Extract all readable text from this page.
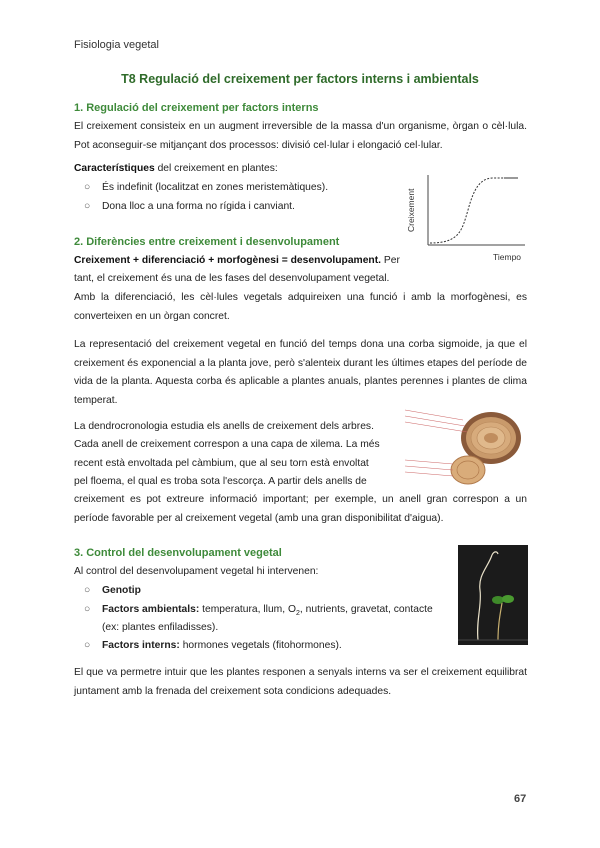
Fisiologia vegetal
T8 Regulació del creixement per factors interns i ambientals
1. Regulació del creixement per factors interns
El creixement consisteix en un augment irreversible de la massa d'un organisme, òrgan o cèl·lula. Pot aconseguir-se mitjançant dos processos: divisió cel·lular i elongació cel·lular.
Característiques del creixement en plantes:
○ És indefinit (localitzat en zones meristemàtiques).
○ Dona lloc a una forma no rígida i canviant.	Creixement
Tiempo
2. Diferències entre creixement i desenvolupament
Creixement + diferenciació + morfogènesi = desenvolupament. Per
tant, el creixement és una de les fases del desenvolupament vegetal.
Amb la diferenciació, les cèl·lules vegetals adquireixen una funció i amb la morfogènesi, es converteixen en un òrgan concret.
La representació del creixement vegetal en funció del temps dona una corba sigmoide, ja que el creixement és exponencial a la planta jove, però s'alenteix durant les últimes etapes del període de vida de la planta. Aquesta corba és aplicable a plantes anuals, plantes perennes i plantes de clima temperat.
La dendrocronologia estudia els anells de creixement dels arbres.
Cada anell de creixement correspon a una capa de xilema. La més
recent està envoltada pel càmbium, que al seu torn està envoltat
pel floema, el qual es troba sota l'escorça. A partir dels anells de
creixement es pot extreure informació important; per exemple, un anell gran correspon a un període favorable per al creixement vegetal (amb una gran disponibilitat d'aigua).
3. Control del desenvolupament vegetal
Al control del desenvolupament vegetal hi intervenen:
○ Genotip
○ Factors ambientals: temperatura, llum, $O_2$, nutrients, gravetat, contacte
(ex: plantes enfiladisses).
○ Factors interns: hormones vegetals (fitohormones).
El que va permetre intuir que les plantes responen a senyals interns va ser el creixement equilibrat juntament amb la frenada del creixement sota condicions adequades.
67
